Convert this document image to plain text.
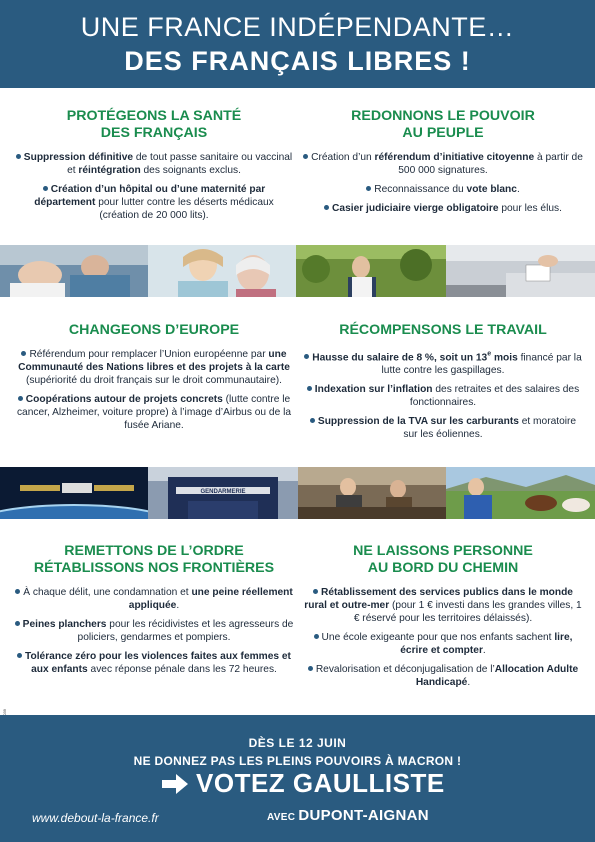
UNE FRANCE INDÉPENDANTE…
DES FRANÇAIS LIBRES !
PROTÉGEONS LA SANTÉ
DES FRANÇAIS
Suppression définitive de tout passe sanitaire ou vaccinal et réintégration des soignants exclus.
Création d’un hôpital ou d’une maternité par département pour lutter contre les déserts médicaux (création de 20 000 lits).
REDONNONS LE POUVOIR
AU PEUPLE
Création d’un référendum d’initiative citoyenne à partir de 500 000 signatures.
Reconnaissance du vote blanc.
Casier judiciaire vierge obligatoire pour les élus.
CHANGEONS D’EUROPE
Référendum pour remplacer l’Union européenne par une Communauté des Nations libres et des projets à la carte (supériorité du droit français sur le droit communautaire).
Coopérations autour de projets concrets (lutte contre le cancer, Alzheimer, voiture propre) à l’image d’Airbus ou de la fusée Ariane.
RÉCOMPENSONS LE TRAVAIL
Hausse du salaire de 8 %, soit un 13e mois financé par la lutte contre les gaspillages.
Indexation sur l’inflation des retraites et des salaires des fonctionnaires.
Suppression de la TVA sur les carburants et moratoire sur les éoliennes.
GENDARMERIE
REMETTONS DE L’ORDRE
RÉTABLISSONS NOS FRONTIÈRES
À chaque délit, une condamnation et une peine réellement appliquée.
Peines planchers pour les récidivistes et les agresseurs de policiers, gendarmes et pompiers.
Tolérance zéro pour les violences faites aux femmes et aux enfants avec réponse pénale dans les 72 heures.
NE LAISSONS PERSONNE
AU BORD DU CHEMIN
Rétablissement des services publics dans le monde rural et outre-mer (pour 1 € investi dans les grandes villes, 1 € réservé pour les territoires délaissés).
Une école exigeante pour que nos enfants sachent lire, écrire et compter.
Revalorisation et déconjugalisation de l’Allocation Adulte Handicapé.
DÈS LE 12 JUIN
NE DONNEZ PAS LES PLEINS POUVOIRS À MACRON !
VOTEZ GAULLISTE
AVEC DUPONT-AIGNAN
www.debout-la-france.fr
